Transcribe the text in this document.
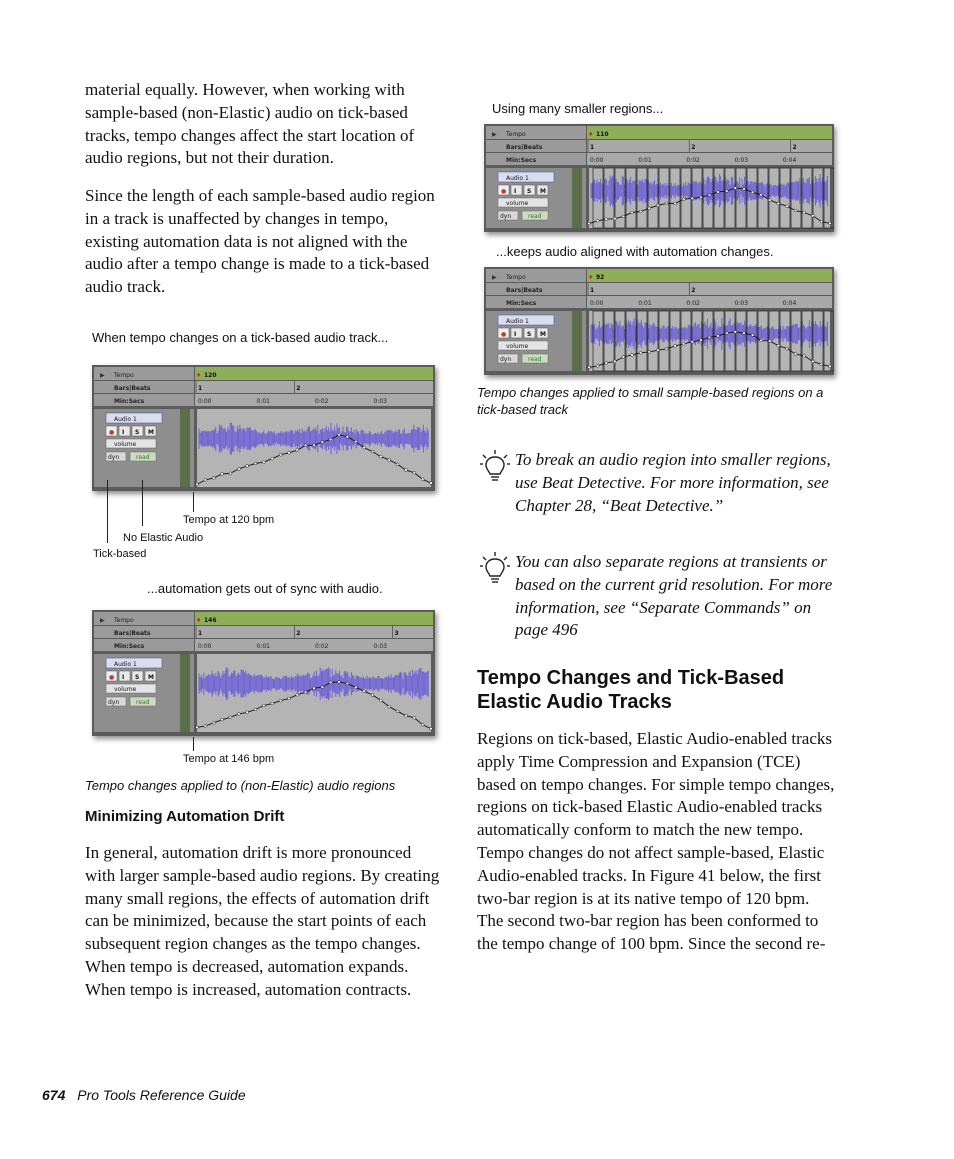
material equally. However, when working with sample-based (non-Elastic) audio on tick-based tracks, tempo changes affect the start location of audio regions, but not their duration.

Since the length of each sample-based audio region in a track is unaffected by changes in tempo, existing automation data is not aligned with the audio after a tempo change is made to a tick-based audio track.

When tempo changes on a tick-based audio track...
Tempo
Bars|Beats
Min:Secs
▶	♦ 120
1	2
0:00	0:01	0:02	0:03
Audio 1
● I S M
volume
dyn	read
Tempo at 120 bpm
No Elastic Audio
Tick-based
...automation gets out of sync with audio.
Tempo
Bars|Beats
Min:Secs
▶	♦ 146
1	2	3
0:00	0:01	0:02	0:03
Audio 1
● I S M
volume
dyn	read
Tempo at 146 bpm
Tempo changes applied to (non-Elastic) audio regions
Minimizing Automation Drift

In general, automation drift is more pronounced with larger sample-based audio regions. By creating many small regions, the effects of automation drift can be minimized, because the start points of each subsequent region changes as the tempo changes. When tempo is decreased, automation expands. When tempo is increased, automation contracts.

Using many smaller regions...
Tempo
Bars|Beats
Min:Secs
▶	♦ 110
1	2	2
0:00	0:01	0:02	0:03	0:04
Audio 1
● I S M
volume
dyn	read
...keeps audio aligned with automation changes.
Tempo
Bars|Beats
Min:Secs
▶	♦ 92
1	2
0:00	0:01	0:02	0:03	0:04
Audio 1
● I S M
volume
dyn	read
Tempo changes applied to small sample-based regions on a tick-based track

To break an audio region into smaller regions, use Beat Detective. For more information, see Chapter 28, “Beat Detective.”

You can also separate regions at transients or based on the current grid resolution. For more information, see “Separate Commands” on page 496

Tempo Changes and Tick-Based Elastic Audio Tracks

Regions on tick-based, Elastic Audio-enabled tracks apply Time Compression and Expansion (TCE) based on tempo changes. For simple tempo changes, regions on tick-based Elastic Audio-enabled tracks automatically conform to match the new tempo. Tempo changes do not affect sample-based, Elastic Audio-enabled tracks. In Figure 41 below, the first two-bar region is at its native tempo of 120 bpm. The second two-bar region has been conformed to the tempo change of 100 bpm. Since the second re-

674 Pro Tools Reference Guide
